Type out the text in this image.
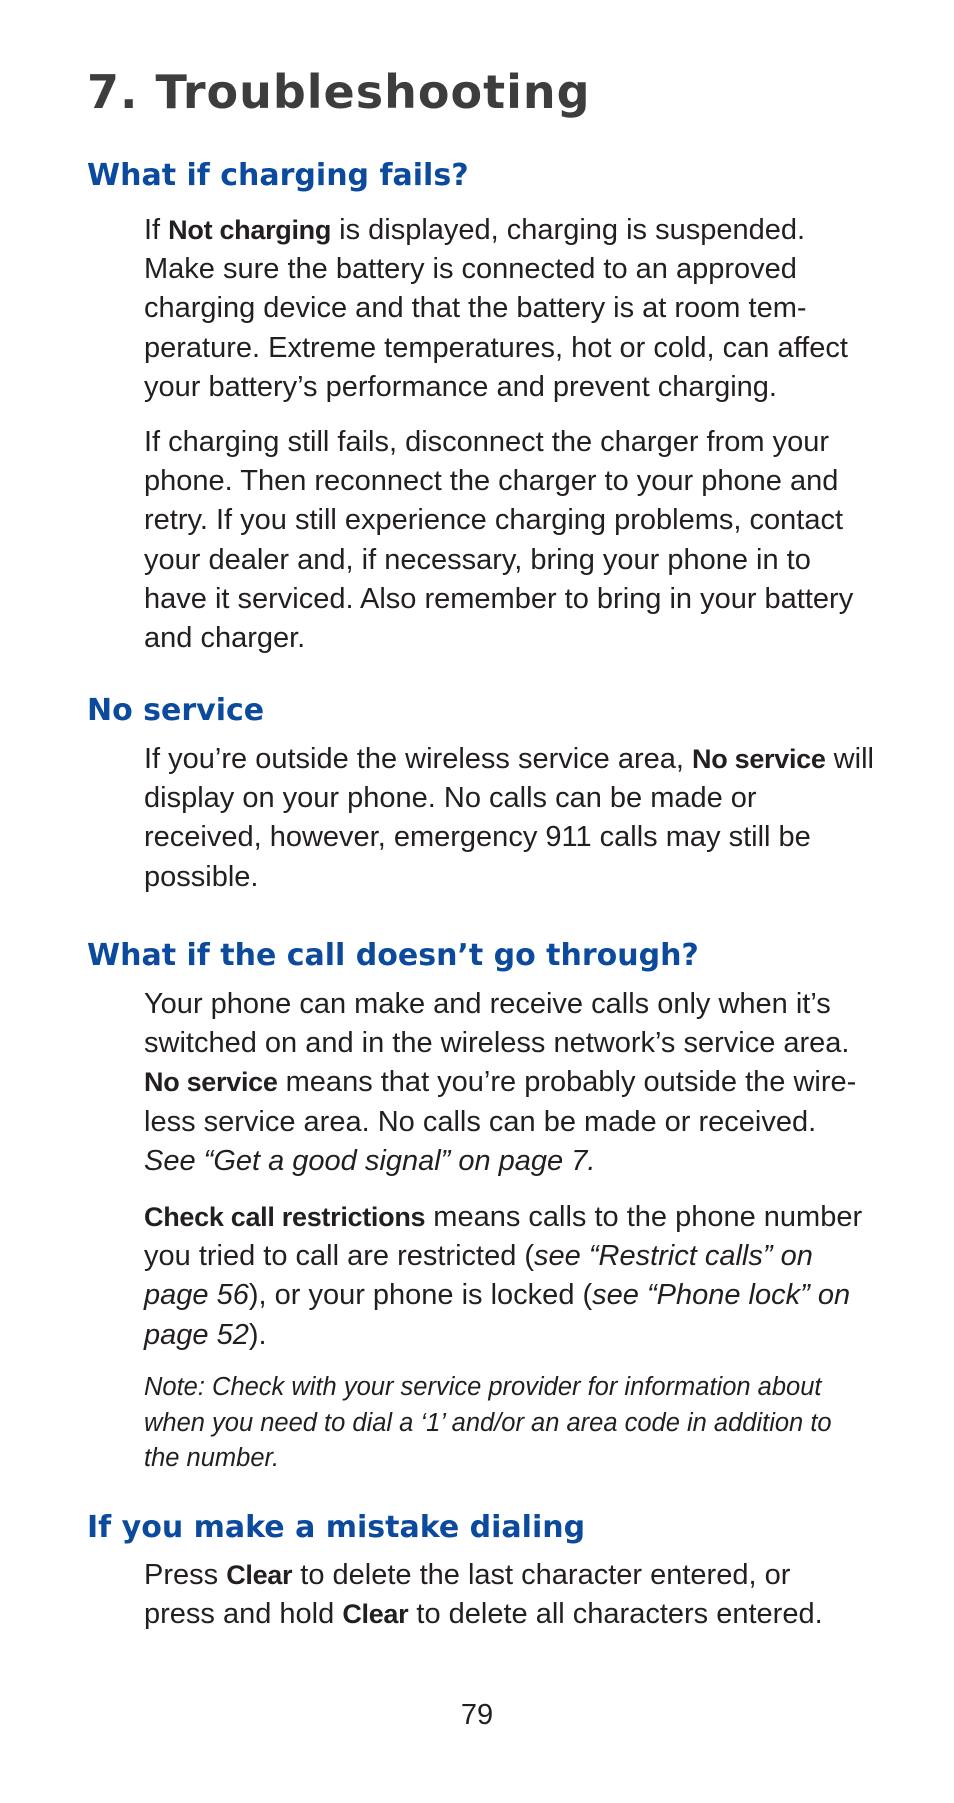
7. Troubleshooting
What if charging fails?

If Not charging is displayed, charging is suspended.
Make sure the battery is connected to an approved
charging device and that the battery is at room tem-
perature. Extreme temperatures, hot or cold, can affect
your battery’s performance and prevent charging.

If charging still fails, disconnect the charger from your
phone. Then reconnect the charger to your phone and
retry. If you still experience charging problems, contact
your dealer and, if necessary, bring your phone in to
have it serviced. Also remember to bring in your battery
and charger.

No service

If you’re outside the wireless service area, No service will
display on your phone. No calls can be made or
received, however, emergency 911 calls may still be
possible.

What if the call doesn’t go through?

Your phone can make and receive calls only when it’s
switched on and in the wireless network’s service area.
No service means that you’re probably outside the wire-
less service area. No calls can be made or received.
See “Get a good signal” on page 7.

Check call restrictions means calls to the phone number
you tried to call are restricted (see “Restrict calls” on
page 56), or your phone is locked (see “Phone lock” on
page 52).

Note: Check with your service provider for information about
when you need to dial a ‘1’ and/or an area code in addition to
the number.

If you make a mistake dialing

Press Clear to delete the last character entered, or
press and hold Clear to delete all characters entered.

79
